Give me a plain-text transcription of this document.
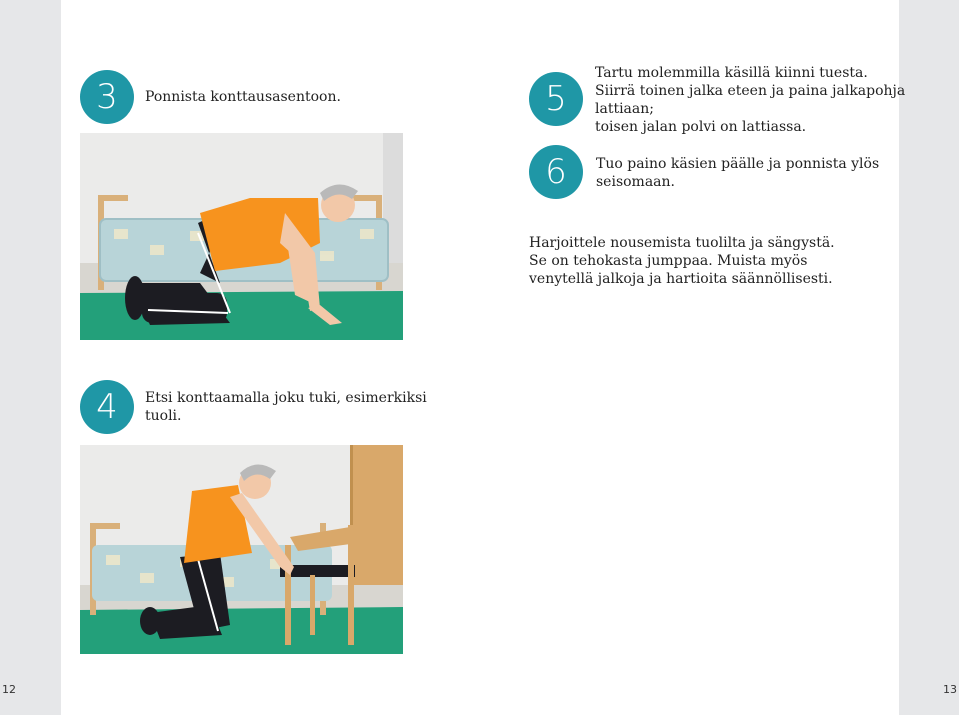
3	Ponnista konttausasentoon.
4	Etsi konttaamalla joku tuki, esimerkiksi
tuoli.
5
Tartu molemmilla käsillä kiinni tuesta.
Siirrä toinen jalka eteen ja paina jalkapohja
lattiaan;
toisen jalan polvi on lattiassa.
6	Tuo paino käsien päälle ja ponnista ylös
seisomaan.
Harjoittele nousemista tuolilta ja sängystä.
Se on tehokasta jumppaa. Muista myös
venytellä jalkoja ja hartioita säännöllisesti.
12	13
